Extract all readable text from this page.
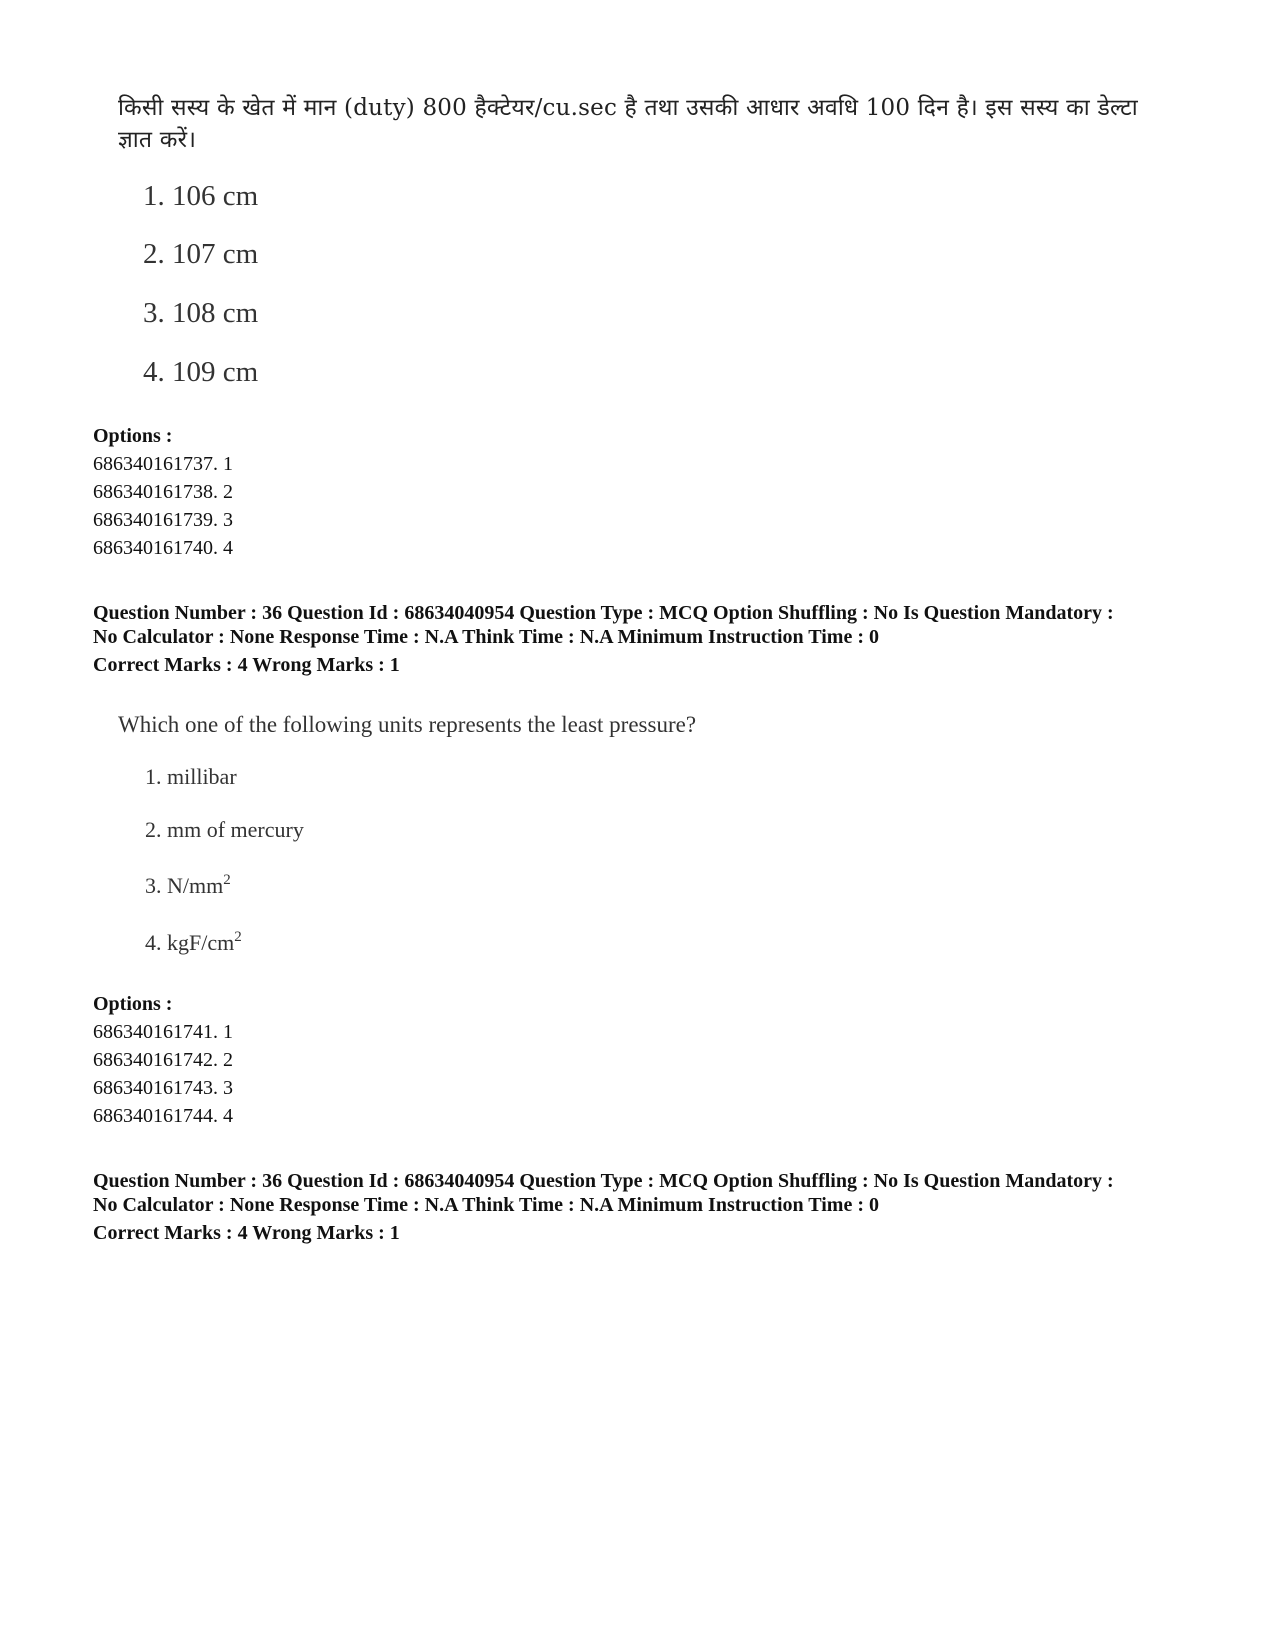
किसी सस्य के खेत में मान (duty) 800 हैक्टेयर/cu.sec है तथा उसकी आधार अवधि 100 दिन है। इस सस्य का डेल्टा
ज्ञात करें।
1. 106 cm
2. 107 cm
3. 108 cm
4. 109 cm
Options :
686340161737. 1
686340161738. 2
686340161739. 3
686340161740. 4
Question Number : 36 Question Id : 68634040954 Question Type : MCQ Option Shuffling : No Is Question Mandatory :
No Calculator : None Response Time : N.A Think Time : N.A Minimum Instruction Time : 0
Correct Marks : 4 Wrong Marks : 1
Which one of the following units represents the least pressure?
1. millibar
2. mm of mercury
3. $N/mm^2$
4. kgF/$cm^2$
Options :
686340161741. 1
686340161742. 2
686340161743. 3
686340161744. 4
Question Number : 36 Question Id : 68634040954 Question Type : MCQ Option Shuffling : No Is Question Mandatory :
No Calculator : None Response Time : N.A Think Time : N.A Minimum Instruction Time : 0
Correct Marks : 4 Wrong Marks : 1
